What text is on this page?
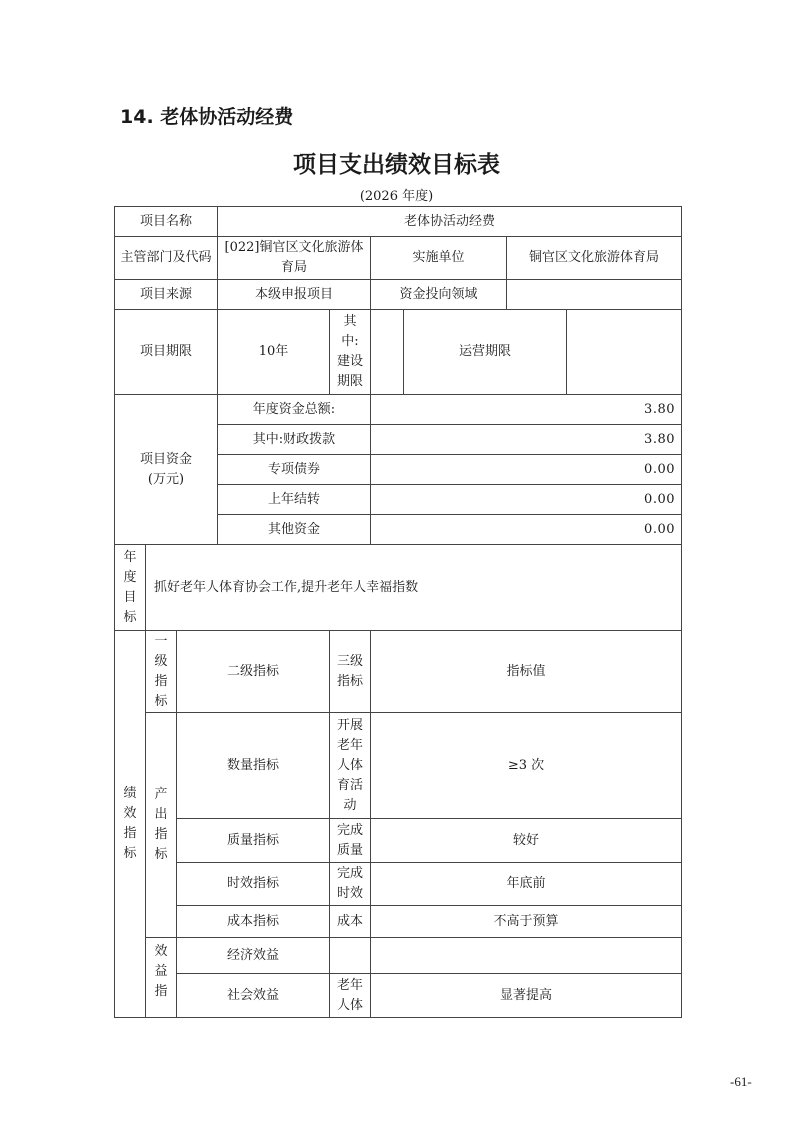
14. 老体协活动经费
项目支出绩效目标表
(2026 年度)
项目名称			老体协活动经费					
主管部门及代码			[022]铜官区文化旅游体育局		实施单位		铜官区文化旅游体育局	
项目来源			本级申报项目		资金投向领域			
项目期限			10年	其中:建设期限		运营期限		
项目资金(万元)			年度资金总额:		3.80			
			其中:财政拨款		3.80			
			专项债券		0.00			
			上年结转		0.00			
			其他资金		0.00			
年度目标	抓好老年人体育协会工作,提升老年人幸福指数							
绩效指标	一级指标	二级指标		三级指标	指标值			
	产出指标	数量指标		开展老年人体育活动	≥3 次			
		质量指标		完成质量	较好			
		时效指标		完成时效	年底前			
		成本指标		成本	不高于预算			
	效益指	经济效益						
		社会效益		老年人体	显著提高			
-61-
